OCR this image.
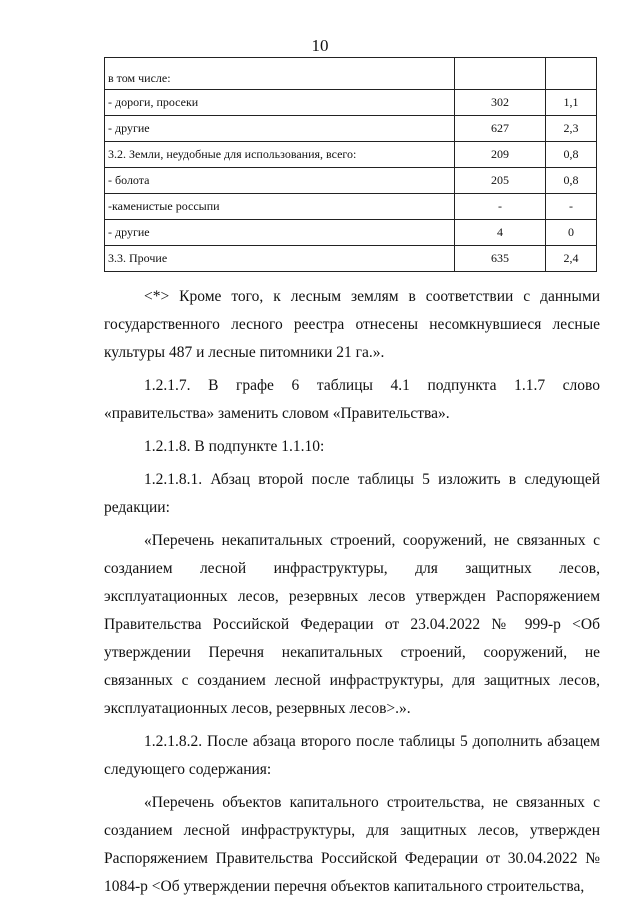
10
в том числе:		
- дороги, просеки	302	1,1
- другие	627	2,3
3.2. Земли, неудобные для использования, всего:	209	0,8
- болота	205	0,8
-каменистые россыпи	-	-
- другие	4	0
3.3. Прочие	635	2,4

<*> Кроме того, к лесным землям в соответствии с данными государственного лесного реестра отнесены несомкнувшиеся лесные культуры 487 и лесные питомники 21 га.».

1.2.1.7. В графе 6 таблицы 4.1 подпункта 1.1.7 слово «правительства» заменить словом «Правительства».

1.2.1.8. В подпункте 1.1.10:

1.2.1.8.1. Абзац второй после таблицы 5 изложить в следующей редакции:

«Перечень некапитальных строений, сооружений, не связанных с созданием лесной инфраструктуры, для защитных лесов, эксплуатационных лесов, резервных лесов утвержден Распоряжением Правительства Российской Федерации от 23.04.2022 № 999-р <Об утверждении Перечня некапитальных строений, сооружений, не связанных с созданием лесной инфраструктуры, для защитных лесов, эксплуатационных лесов, резервных лесов>.».

1.2.1.8.2. После абзаца второго после таблицы 5 дополнить абзацем следующего содержания:

«Перечень объектов капитального строительства, не связанных с созданием лесной инфраструктуры, для защитных лесов, утвержден Распоряжением Правительства Российской Федерации от 30.04.2022 № 1084-р <Об утверждении перечня объектов капитального строительства,
